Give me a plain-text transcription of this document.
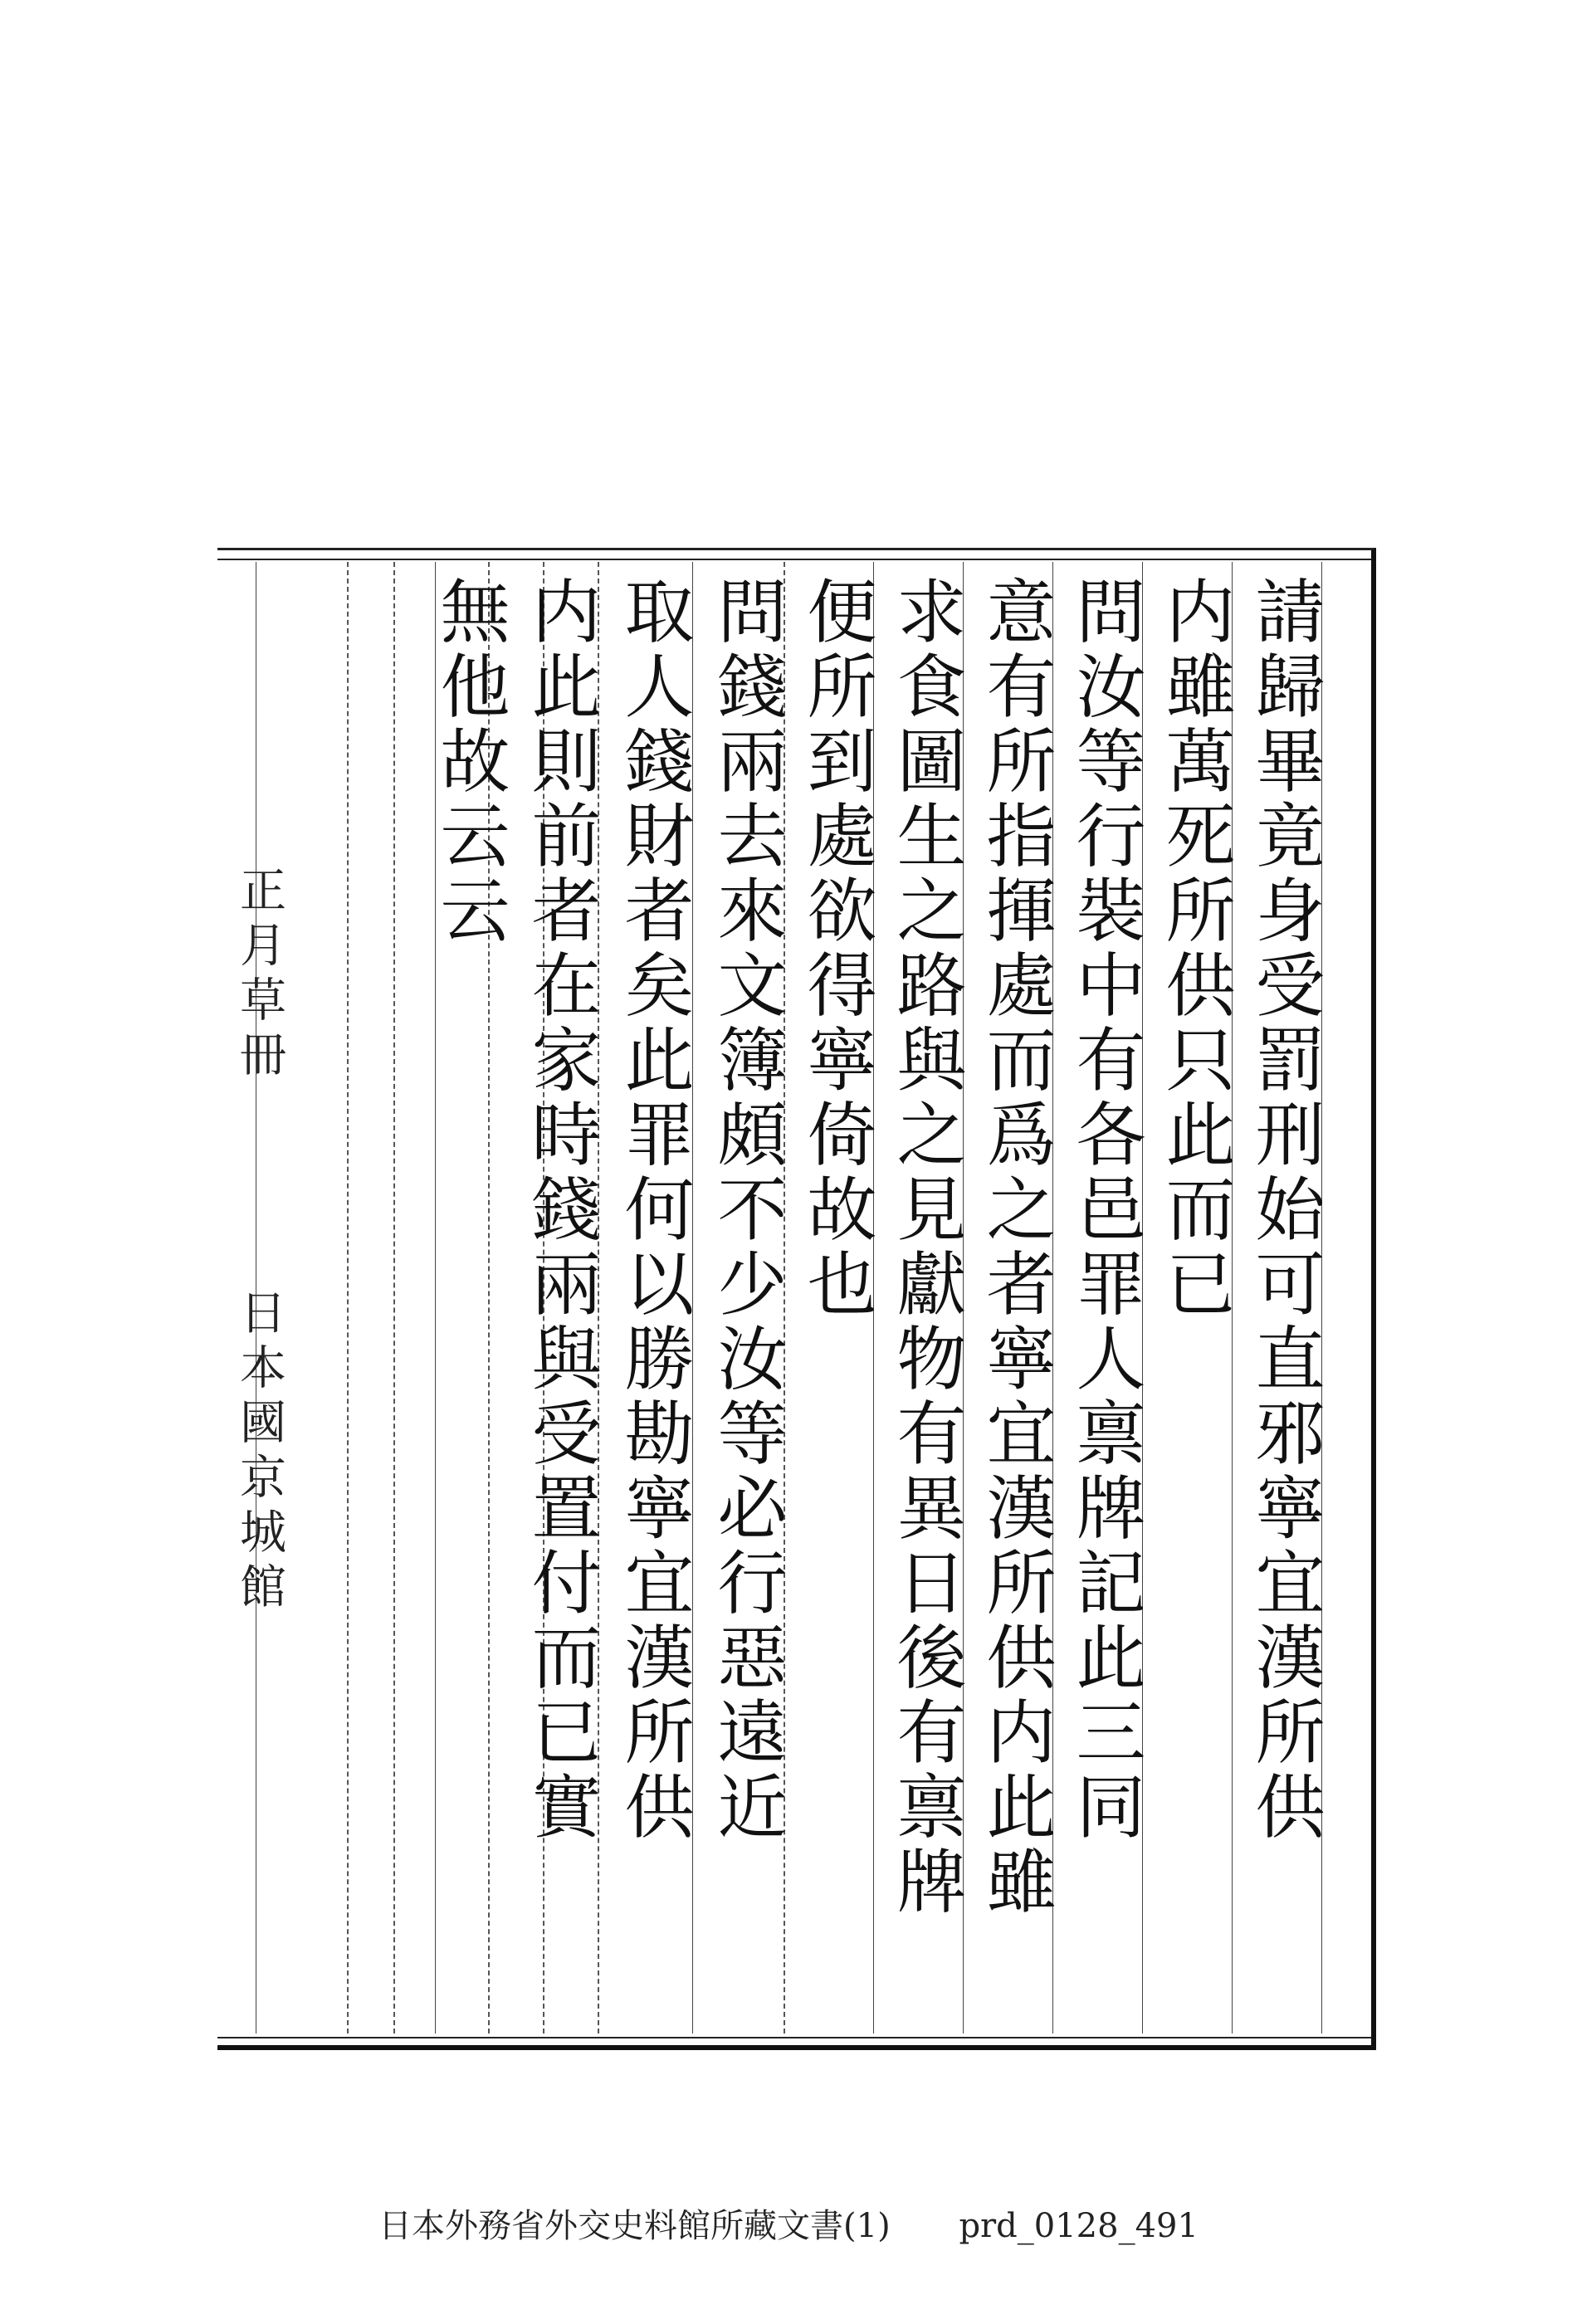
正月草冊 日本國京城館	請歸畢竟身受罰刑始可直邪寧宜漢所供
内雖萬死所供只此而已
問汝等行裝中有各邑罪人禀牌記此三同
意有所指揮處而爲之者寧宜漢所供内此雖
求食圖生之路與之見獻物有異日後有禀牌
便所到處欲得寧倚故也
問錢兩去來文簿頗不少汝等必行惡遠近
取人錢財者矣此罪何以勝勘寧宜漢所供
内此則前者在家時錢兩與受置付而已實
無他故云云
日本外務省外交史料館所藏文書(1) prd_0128_491
